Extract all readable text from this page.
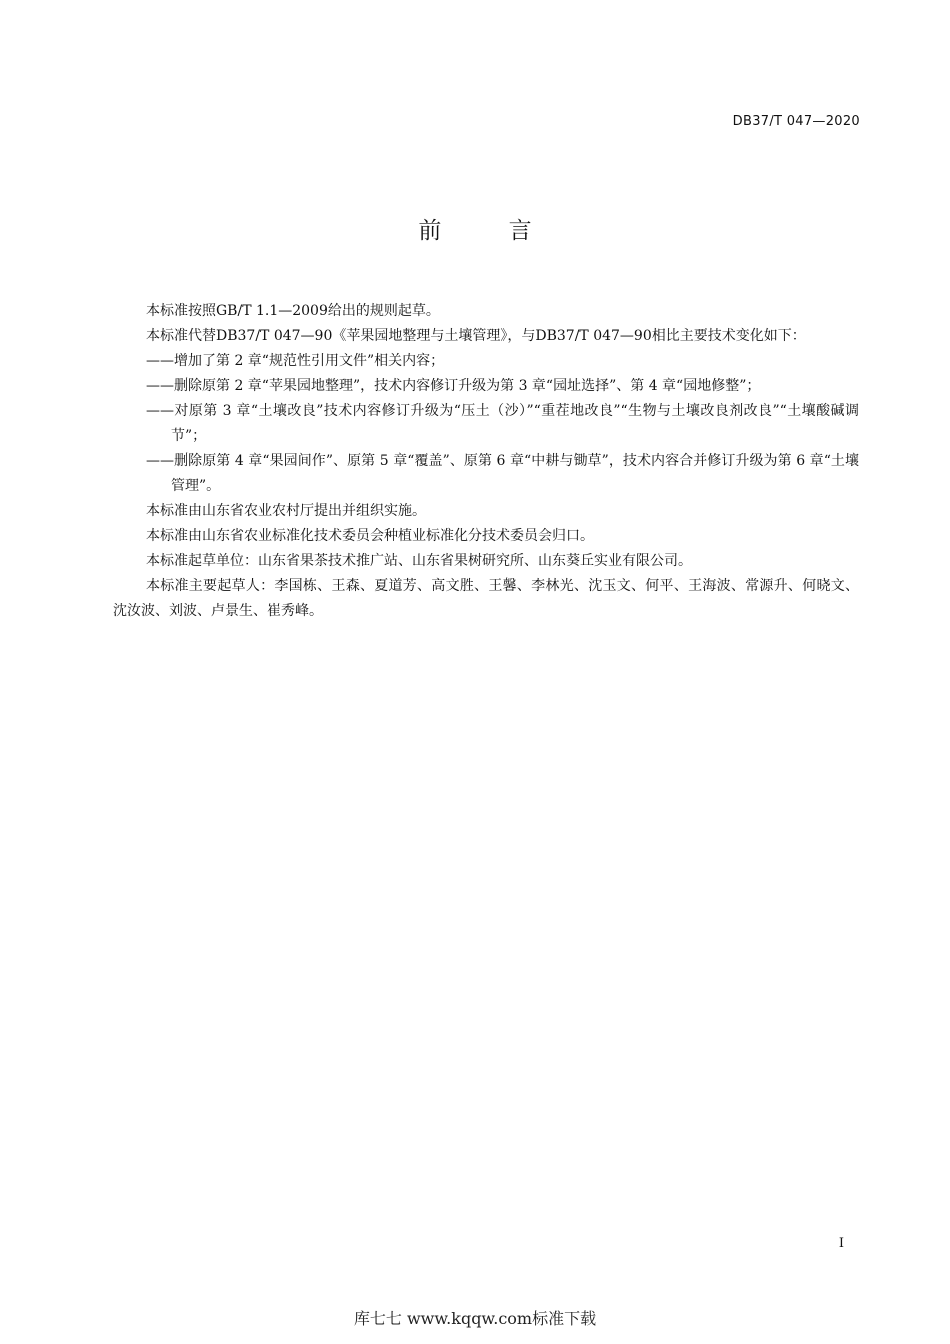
DB37/T 047—2020
前 言

本标准按照GB/T 1.1—2009给出的规则起草。

本标准代替DB37/T 047—90《苹果园地整理与土壤管理》，与DB37/T 047—90相比主要技术变化如下：

——增加了第 2 章“规范性引用文件”相关内容；

——删除原第 2 章“苹果园地整理”，技术内容修订升级为第 3 章“园址选择”、第 4 章“园地修整”；

——对原第 3 章“土壤改良”技术内容修订升级为“压土（沙）”“重茬地改良”“生物与土壤改良剂改良”“土壤酸碱调节”；

——删除原第 4 章“果园间作”、原第 5 章“覆盖”、原第 6 章“中耕与锄草”，技术内容合并修订升级为第 6 章“土壤管理”。

本标准由山东省农业农村厅提出并组织实施。

本标准由山东省农业标准化技术委员会种植业标准化分技术委员会归口。

本标准起草单位：山东省果茶技术推广站、山东省果树研究所、山东葵丘实业有限公司。

本标准主要起草人：李国栋、王森、夏道芳、高文胜、王馨、李林光、沈玉文、何平、王海波、常源升、何晓文、沈汝波、刘波、卢景生、崔秀峰。

I
库七七 www.kqqw.com标准下载
